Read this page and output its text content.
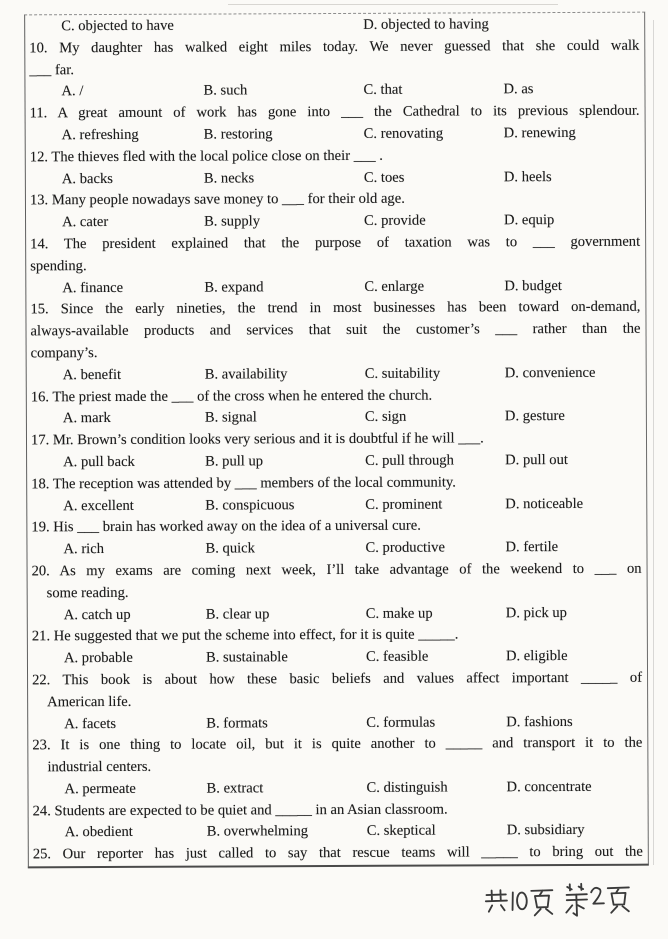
C. objected to have	D. objected to having
10. My daughter has walked eight miles today. We never guessed that she could walk
___ far.
A. /	B. such	C. that	D. as
11. A great amount of work has gone into ___ the Cathedral to its previous splendour.
A. refreshing	B. restoring	C. renovating	D. renewing
12. The thieves fled with the local police close on their ___ .
A. backs	B. necks	C. toes	D. heels
13. Many people nowadays save money to ___ for their old age.
A. cater	B. supply	C. provide	D. equip
14. The president explained that the purpose of taxation was to ___ government
spending.
A. finance	B. expand	C. enlarge	D. budget
15. Since the early nineties, the trend in most businesses has been toward on-demand,
always-available products and services that suit the customer’s ___ rather than the
company’s.
A. benefit	B. availability	C. suitability	D. convenience
16. The priest made the ___ of the cross when he entered the church.
A. mark	B. signal	C. sign	D. gesture
17. Mr. Brown’s condition looks very serious and it is doubtful if he will ___.
A. pull back	B. pull up	C. pull through	D. pull out
18. The reception was attended by ___ members of the local community.
A. excellent	B. conspicuous	C. prominent	D. noticeable
19. His ___ brain has worked away on the idea of a universal cure.
A. rich	B. quick	C. productive	D. fertile
20. As my exams are coming next week, I’ll take advantage of the weekend to ___ on
some reading.
A. catch up	B. clear up	C. make up	D. pick up
21. He suggested that we put the scheme into effect, for it is quite _____.
A. probable	B. sustainable	C. feasible	D. eligible
22. This book is about how these basic beliefs and values affect important _____ of
American life.
A. facets	B. formats	C. formulas	D. fashions
23. It is one thing to locate oil, but it is quite another to _____ and transport it to the
industrial centers.
A. permeate	B. extract	C. distinguish	D. concentrate
24. Students are expected to be quiet and _____ in an Asian classroom.
A. obedient	B. overwhelming	C. skeptical	D. subsidiary
25. Our reporter has just called to say that rescue teams will _____ to bring out the
